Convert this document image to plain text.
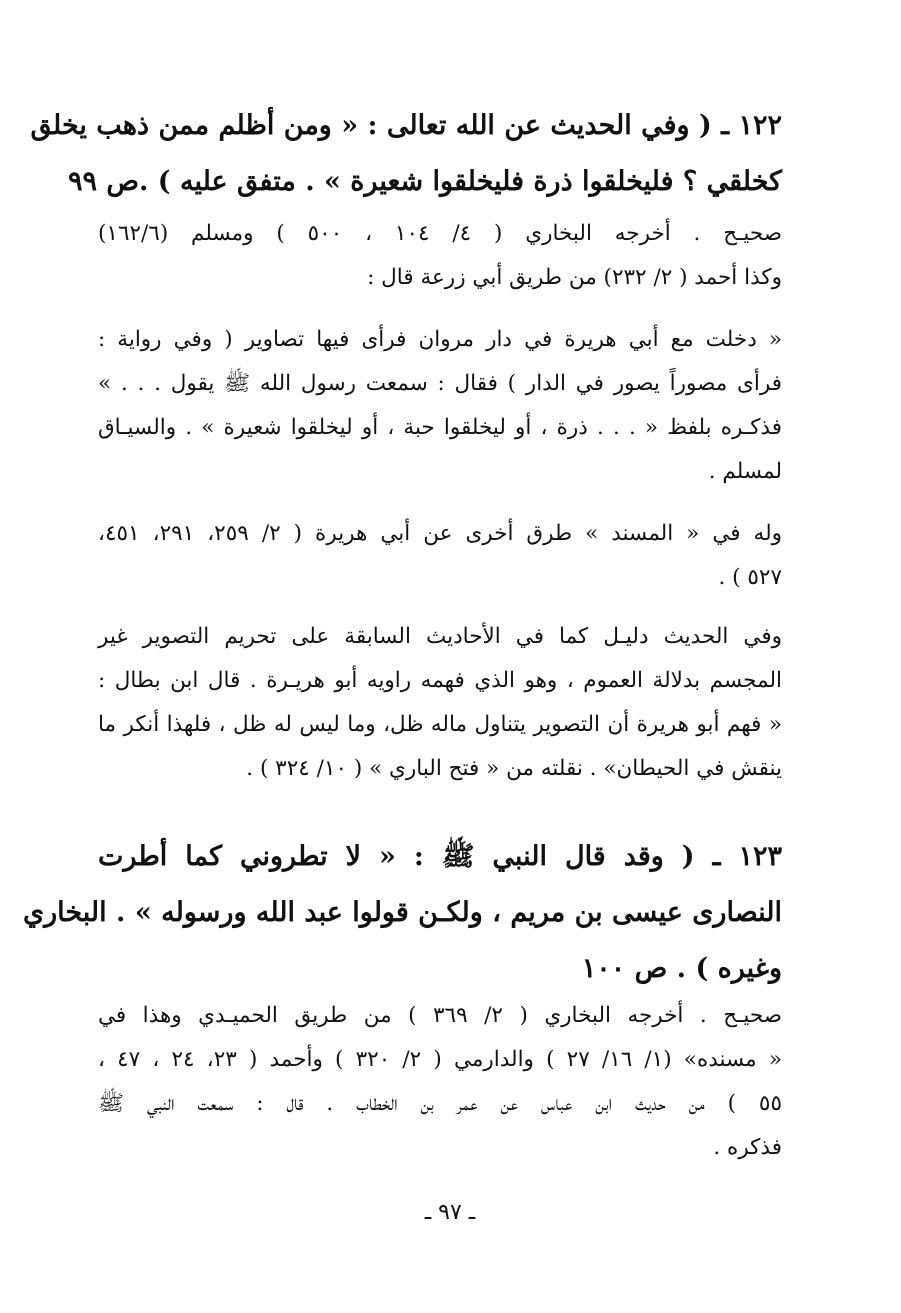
١٢٢ ـ ( وفي الحديث عن الله تعالى : « ومن أظلم ممن ذهب يخلق
كخلقي ؟ فليخلقوا ذرة فليخلقوا شعيرة » . متفق عليه ) .ص ٩٩
صحيـح . أخرجه البخاري ( ٤/ ١٠٤ ، ٥٠٠ ) ومسلم (١٦٢/٦)
وكذا أحمد ( ٢/ ٢٣٢) من طريق أبي زرعة قال :
« دخلت مع أبي هريرة في دار مروان فرأى فيها تصاوير ( وفي رواية :
فرأى مصوراً يصور في الدار ) فقال : سمعت رسول الله ﷺ يقول . . . »
فذكـره بلفظ « . . . ذرة ، أو ليخلقوا حبة ، أو ليخلقوا شعيرة » . والسيـاق
لمسلم .
وله في « المسند » طرق أخرى عن أبي هريرة ( ٢/ ٢٥٩، ٢٩١، ٤٥١،
٥٢٧ ) .
وفي الحديث دليـل كما في الأحاديث السابقة على تحريم التصوير غير
المجسم بدلالة العموم ، وهو الذي فهمه راويه أبو هريـرة . قال ابن بطال :
« فهم أبو هريرة أن التصوير يتناول ماله ظل، وما ليس له ظل ، فلهذا أنكر ما
ينقش في الحيطان» . نقلته من « فتح الباري » ( ١٠/ ٣٢٤ ) .
١٢٣ ـ ( وقد قال النبي ﷺ : « لا تطروني كما أطرت
النصارى عيسى بن مريم ، ولكـن قولوا عبد الله ورسوله » . البخاري
وغيره ) . ص ١٠٠
صحيـح . أخرجه البخاري ( ٢/ ٣٦٩ ) من طريق الحميـدي وهذا في
« مسنده» (١/ ١٦/ ٢٧ ) والدارمي ( ٢/ ٣٢٠ ) وأحمد ( ٢٣، ٢٤ ، ٤٧ ،
٥٥ ) من حديث ابن عباس عن عمر بن الخطاب . قال : سمعت النبي ﷺ
فذكره .
ـ ٩٧ ـ
